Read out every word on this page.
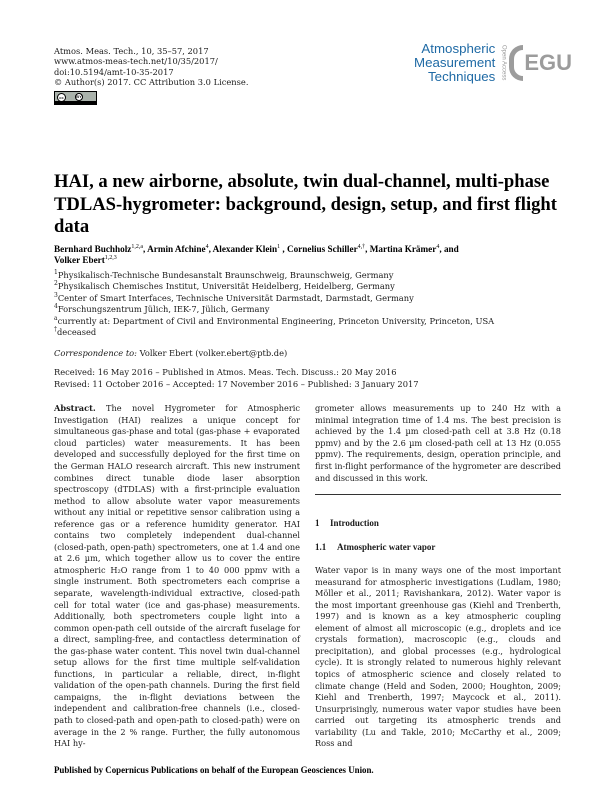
Atmos. Meas. Tech., 10, 35–57, 2017
www.atmos-meas-tech.net/10/35/2017/
doi:10.5194/amt-10-35-2017
© Author(s) 2017. CC Attribution 3.0 License.
cc	BY
Atmospheric
Measurement
Techniques Open Access EGU
HAI, a new airborne, absolute, twin dual-channel, multi-phase
TDLAS-hygrometer: background, design, setup, and first flight data
Bernhard Buchholz$^{1,2,a}$, Armin Afchine$^4$, Alexander Klein$^1$ , Cornelius Schiller$^{4,\dagger}$, Martina Krämer$^4$, and
Volker Ebert$^{1,2,3}$
$^1$Physikalisch-Technische Bundesanstalt Braunschweig, Braunschweig, Germany
$^2$Physikalisch Chemisches Institut, Universität Heidelberg, Heidelberg, Germany
$^3$Center of Smart Interfaces, Technische Universität Darmstadt, Darmstadt, Germany
$^4$Forschungszentrum Jülich, IEK-7, Jülich, Germany
$^a$currently at: Department of Civil and Environmental Engineering, Princeton University, Princeton, USA
†deceased
Correspondence to: Volker Ebert (volker.ebert@ptb.de)
Received: 16 May 2016 – Published in Atmos. Meas. Tech. Discuss.: 20 May 2016
Revised: 11 October 2016 – Accepted: 17 November 2016 – Published: 3 January 2017

Abstract. The novel Hygrometer for Atmospheric Investigation (HAI) realizes a unique concept for simultaneous gas-phase and total (gas-phase + evaporated cloud particles) water measurements. It has been developed and successfully deployed for the first time on the German HALO research aircraft. This new instrument combines direct tunable diode laser absorption spectroscopy (dTDLAS) with a first-principle evaluation method to allow absolute water vapor measurements without any initial or repetitive sensor calibration using a reference gas or a reference humidity generator. HAI contains two completely independent dual-channel (closed-path, open-path) spectrometers, one at 1.4 and one at 2.6 µm, which together allow us to cover the entire atmospheric H₂O range from 1 to 40 000 ppmv with a single instrument. Both spectrometers each comprise a separate, wavelength-individual extractive, closed-path cell for total water (ice and gas-phase) measurements. Additionally, both spectrometers couple light into a common open-path cell outside of the aircraft fuselage for a direct, sampling-free, and contactless determination of the gas-phase water content. This novel twin dual-channel setup allows for the first time multiple self-validation functions, in particular a reliable, direct, in-flight validation of the open-path channels. During the first field campaigns, the in-flight deviations between the independent and calibration-free channels (i.e., closed-path to closed-path and open-path to closed-path) were on average in the 2 % range. Further, the fully autonomous HAI hy-

grometer allows measurements up to 240 Hz with a minimal integration time of 1.4 ms. The best precision is achieved by the 1.4 µm closed-path cell at 3.8 Hz (0.18 ppmv) and by the 2.6 µm closed-path cell at 13 Hz (0.055 ppmv). The requirements, design, operation principle, and first in-flight performance of the hygrometer are described and discussed in this work.

1 Introduction
1.1 Atmospheric water vapor

Water vapor is in many ways one of the most important measurand for atmospheric investigations (Ludlam, 1980; Möller et al., 2011; Ravishankara, 2012). Water vapor is the most important greenhouse gas (Kiehl and Trenberth, 1997) and is known as a key atmospheric coupling element of almost all microscopic (e.g., droplets and ice crystals formation), macroscopic (e.g., clouds and precipitation), and global processes (e.g., hydrological cycle). It is strongly related to numerous highly relevant topics of atmospheric science and closely related to climate change (Held and Soden, 2000; Houghton, 2009; Kiehl and Trenberth, 1997; Maycock et al., 2011). Unsurprisingly, numerous water vapor studies have been carried out targeting its atmospheric trends and variability (Lu and Takle, 2010; McCarthy et al., 2009; Ross and

Published by Copernicus Publications on behalf of the European Geosciences Union.
